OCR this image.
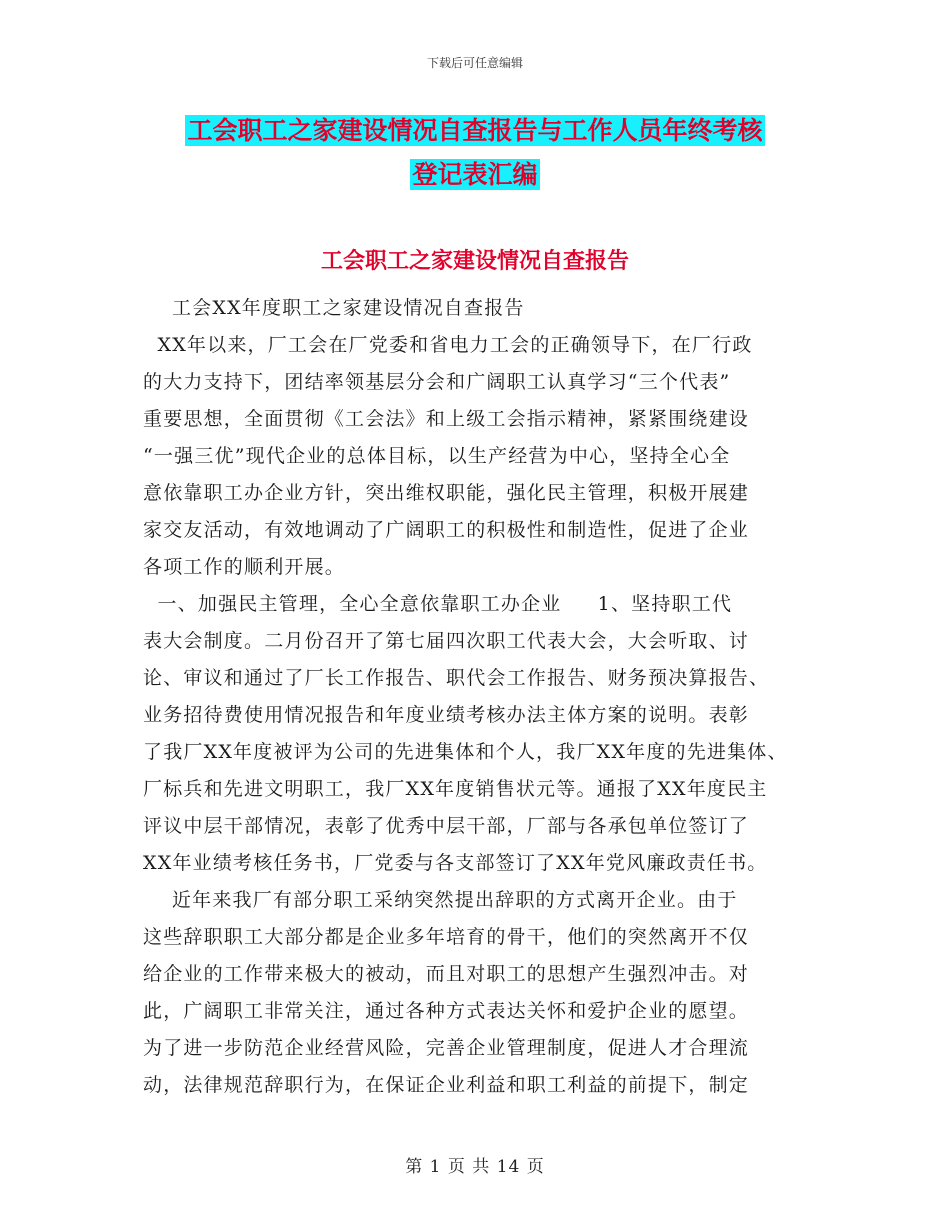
下载后可任意编辑
工会职工之家建设情况自查报告与工作人员年终考核
登记表汇编
工会职工之家建设情况自查报告
工会XX年度职工之家建设情况自查报告
XX年以来，厂工会在厂党委和省电力工会的正确领导下，在厂行政
的大力支持下，团结率领基层分会和广阔职工认真学习“三个代表”
重要思想，全面贯彻《工会法》和上级工会指示精神，紧紧围绕建设
“一强三优”现代企业的总体目标，以生产经营为中心，坚持全心全
意依靠职工办企业方针，突出维权职能，强化民主管理，积极开展建
家交友活动，有效地调动了广阔职工的积极性和制造性，促进了企业
各项工作的顺利开展。
一、加强民主管理，全心全意依靠职工办企业     1、坚持职工代
表大会制度。二月份召开了第七届四次职工代表大会，大会听取、讨
论、审议和通过了厂长工作报告、职代会工作报告、财务预决算报告、
业务招待费使用情况报告和年度业绩考核办法主体方案的说明。表彰
了我厂XX年度被评为公司的先进集体和个人，我厂XX年度的先进集体、
厂标兵和先进文明职工，我厂XX年度销售状元等。通报了XX年度民主
评议中层干部情况，表彰了优秀中层干部，厂部与各承包单位签订了
XX年业绩考核任务书，厂党委与各支部签订了XX年党风廉政责任书。
近年来我厂有部分职工采纳突然提出辞职的方式离开企业。由于
这些辞职职工大部分都是企业多年培育的骨干，他们的突然离开不仅
给企业的工作带来极大的被动，而且对职工的思想产生强烈冲击。对
此，广阔职工非常关注，通过各种方式表达关怀和爱护企业的愿望。
为了进一步防范企业经营风险，完善企业管理制度，促进人才合理流
动，法律规范辞职行为，在保证企业利益和职工利益的前提下，制定
第 1 页 共 14 页
